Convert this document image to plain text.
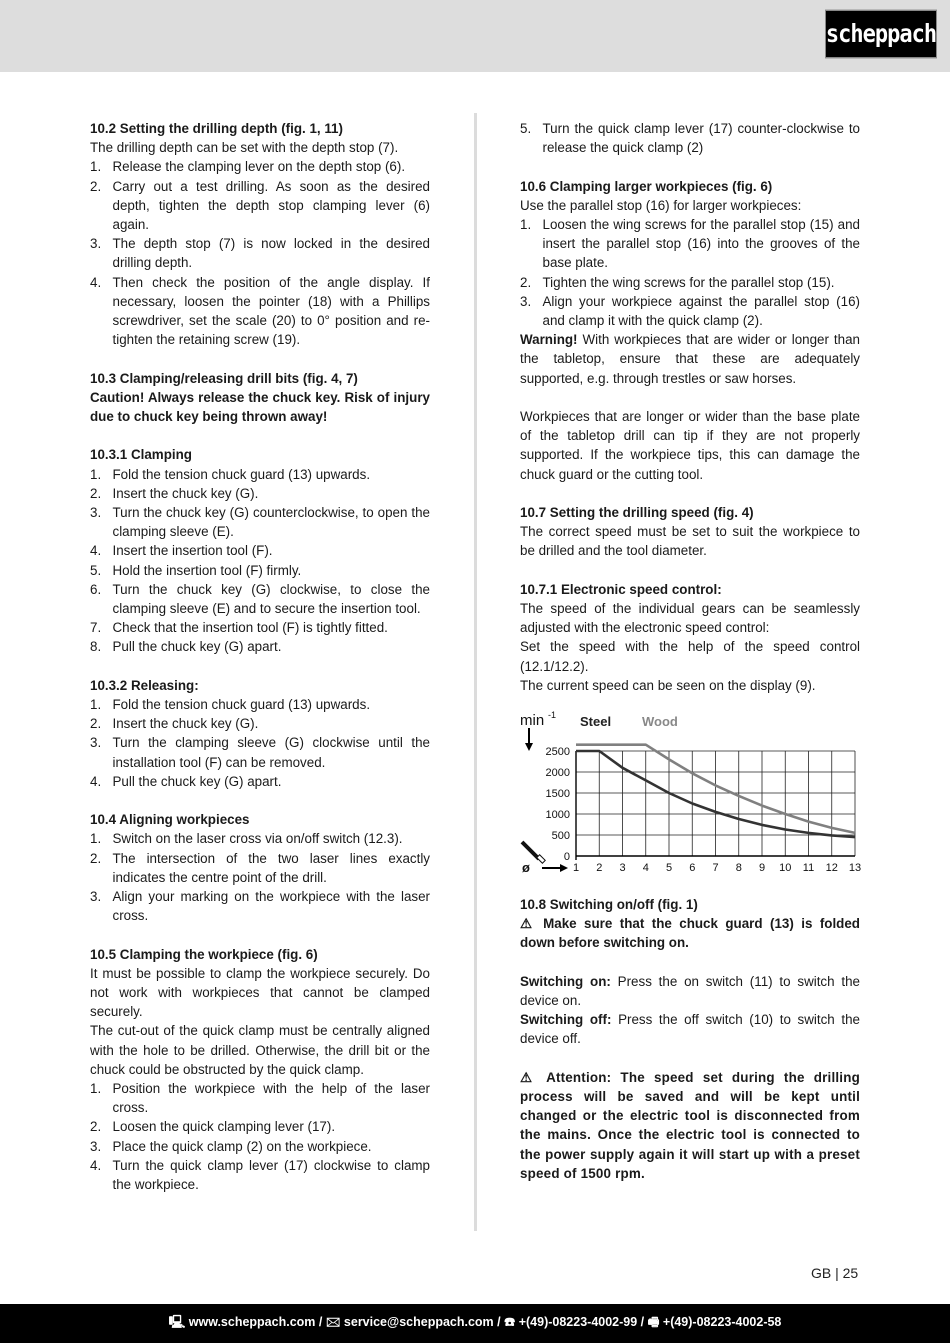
scheppach
10.2 Setting the drilling depth (fig. 1, 11)

The drilling depth can be set with the depth stop (7).

1. Release the clamping lever on the depth stop (6).
2. Carry out a test drilling. As soon as the desired depth, tighten the depth stop clamping lever (6) again.
3. The depth stop (7) is now locked in the desired drilling depth.
4. Then check the position of the angle display. If necessary, loosen the pointer (18) with a Phillips screwdriver, set the scale (20) to 0° position and re-tighten the retaining screw (19).
10.3 Clamping/releasing drill bits (fig. 4, 7)

Caution! Always release the chuck key. Risk of injury due to chuck key being thrown away!

10.3.1 Clamping
1. Fold the tension chuck guard (13) upwards.
2. Insert the chuck key (G).
3. Turn the chuck key (G) counterclockwise, to open the clamping sleeve (E).
4. Insert the insertion tool (F).
5. Hold the insertion tool (F) firmly.
6. Turn the chuck key (G) clockwise, to close the clamping sleeve (E) and to secure the insertion tool.
7. Check that the insertion tool (F) is tightly fitted.
8. Pull the chuck key (G) apart.
10.3.2 Releasing:
1. Fold the tension chuck guard (13) upwards.
2. Insert the chuck key (G).
3. Turn the clamping sleeve (G) clockwise until the installation tool (F) can be removed.
4. Pull the chuck key (G) apart.
10.4 Aligning workpieces
1. Switch on the laser cross via on/off switch (12.3).
2. The intersection of the two laser lines exactly indicates the centre point of the drill.
3. Align your marking on the workpiece with the laser cross.
10.5 Clamping the workpiece (fig. 6)

It must be possible to clamp the workpiece securely. Do not work with workpieces that cannot be clamped securely.

The cut-out of the quick clamp must be centrally aligned with the hole to be drilled. Otherwise, the drill bit or the chuck could be obstructed by the quick clamp.

1. Position the workpiece with the help of the laser cross.
2. Loosen the quick clamping lever (17).
3. Place the quick clamp (2) on the workpiece.
4. Turn the quick clamp lever (17) clockwise to clamp the workpiece.
5. Turn the quick clamp lever (17) counter-clockwise to release the quick clamp (2)
10.6 Clamping larger workpieces (fig. 6)

Use the parallel stop (16) for larger workpieces:

1. Loosen the wing screws for the parallel stop (15) and insert the parallel stop (16) into the grooves of the base plate.
2. Tighten the wing screws for the parallel stop (15).
3. Align your workpiece against the parallel stop (16) and clamp it with the quick clamp (2).

Warning! With workpieces that are wider or longer than the tabletop, ensure that these are adequately supported, e.g. through trestles or saw horses.

Workpieces that are longer or wider than the base plate of the tabletop drill can tip if they are not properly supported. If the workpiece tips, this can damage the chuck guard or the cutting tool.

10.7 Setting the drilling speed (fig. 4)

The correct speed must be set to suit the workpiece to be drilled and the tool diameter.

10.7.1 Electronic speed control:

The speed of the individual gears can be seamlessly adjusted with the electronic speed control:

Set the speed with the help of the speed control (12.1/12.2).

The current speed can be seen on the display (9).

0
500
1000
1500
2000
2500
1 2 3 4 5 6 7 8 9 10 11 12 13
min -1 Steel Wood
ø
10.8 Switching on/off (fig. 1)

⚠ Make sure that the chuck guard (13) is folded down before switching on.

Switching on: Press the on switch (11) to switch the device on.

Switching off: Press the off switch (10) to switch the device off.

⚠ Attention: The speed set during the drilling process will be saved and will be kept until changed or the electric tool is disconnected from the mains. Once the electric tool is connected to the power supply again it will start up with a preset speed of 1500 rpm.

GB | 25
🖳 www.scheppach.com / 🖂 service@scheppach.com / ☎ +(49)-08223-4002-99 / 🖷 +(49)-08223-4002-58
